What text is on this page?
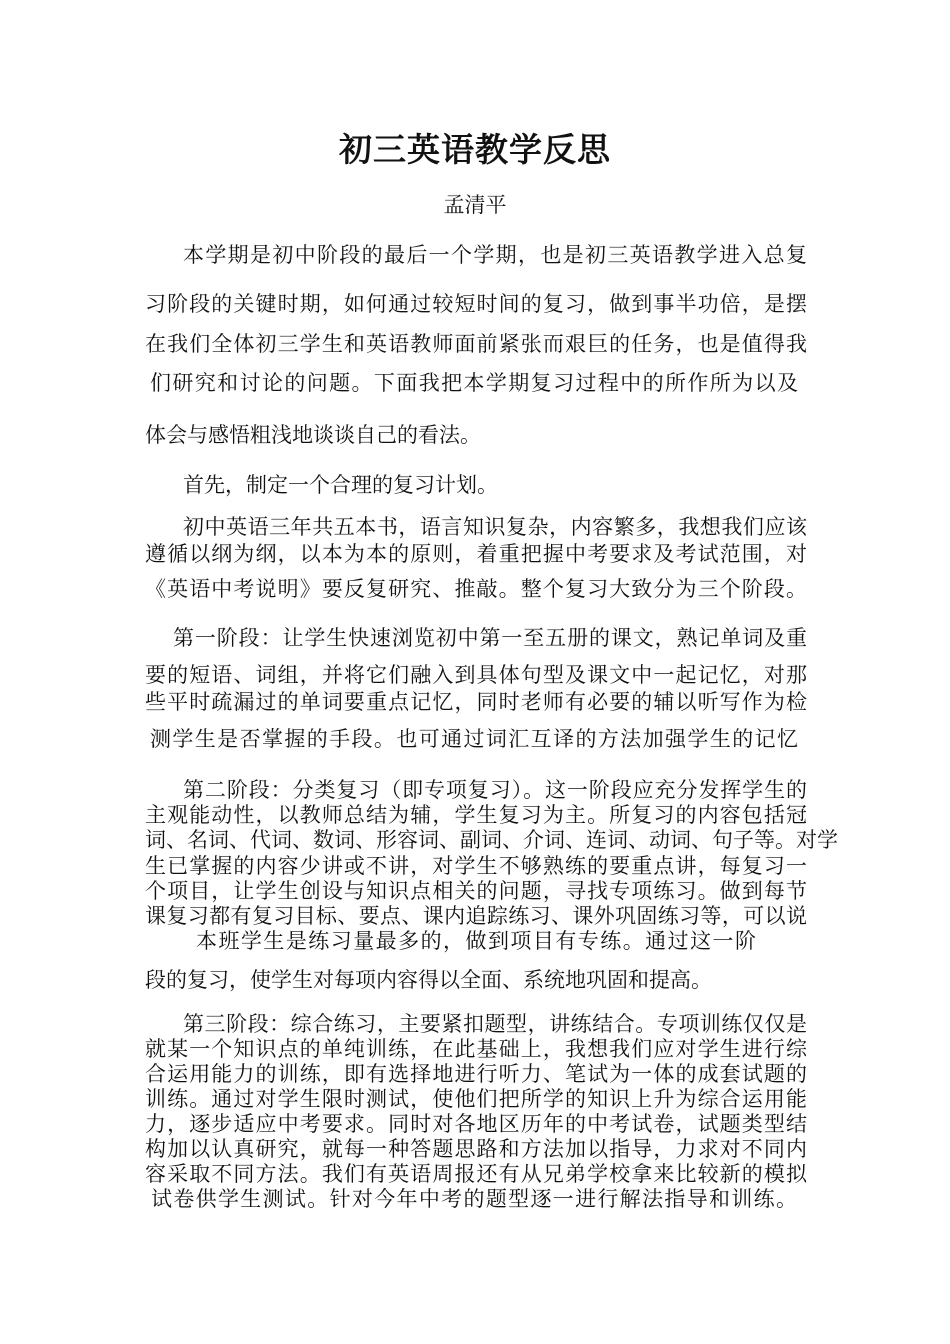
初三英语教学反思
孟清平
本学期是初中阶段的最后一个学期，也是初三英语教学进入总复
习阶段的关键时期，如何通过较短时间的复习，做到事半功倍，是摆
在我们全体初三学生和英语教师面前紧张而艰巨的任务，也是值得我
们研究和讨论的问题。下面我把本学期复习过程中的所作所为以及
体会与感悟粗浅地谈谈自己的看法。
首先，制定一个合理的复习计划。
初中英语三年共五本书，语言知识复杂，内容繁多，我想我们应该
遵循以纲为纲，以本为本的原则，着重把握中考要求及考试范围，对
《英语中考说明》要反复研究、推敲。整个复习大致分为三个阶段。
第一阶段：让学生快速浏览初中第一至五册的课文，熟记单词及重
要的短语、词组，并将它们融入到具体句型及课文中一起记忆，对那
些平时疏漏过的单词要重点记忆，同时老师有必要的辅以听写作为检
测学生是否掌握的手段。也可通过词汇互译的方法加强学生的记忆
第二阶段：分类复习（即专项复习）。这一阶段应充分发挥学生的
主观能动性，以教师总结为辅，学生复习为主。所复习的内容包括冠
词、名词、代词、数词、形容词、副词、介词、连词、动词、句子等。对学
生已掌握的内容少讲或不讲，对学生不够熟练的要重点讲，每复习一
个项目，让学生创设与知识点相关的问题，寻找专项练习。做到每节
课复习都有复习目标、要点、课内追踪练习、课外巩固练习等，可以说
本班学生是练习量最多的，做到项目有专练。通过这一阶
段的复习，使学生对每项内容得以全面、系统地巩固和提高。
第三阶段：综合练习，主要紧扣题型，讲练结合。专项训练仅仅是
就某一个知识点的单纯训练，在此基础上，我想我们应对学生进行综
合运用能力的训练，即有选择地进行听力、笔试为一体的成套试题的
训练。通过对学生限时测试，使他们把所学的知识上升为综合运用能
力，逐步适应中考要求。同时对各地区历年的中考试卷，试题类型结
构加以认真研究，就每一种答题思路和方法加以指导，力求对不同内
容采取不同方法。我们有英语周报还有从兄弟学校拿来比较新的模拟
试卷供学生测试。针对今年中考的题型逐一进行解法指导和训练。
